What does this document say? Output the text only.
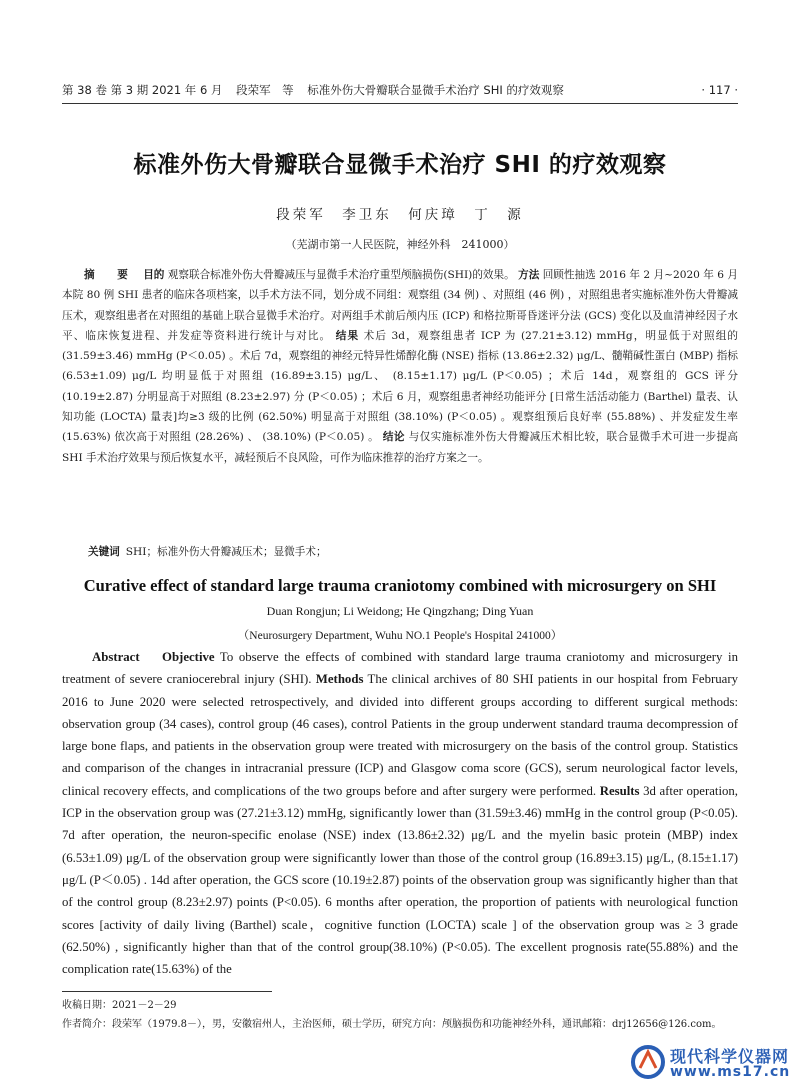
第 38 卷 第 3 期 2021 年 6 月 段荣军　等 标准外伤大骨瓣联合显微手术治疗 SHI 的疗效观察	· 117 ·
标准外伤大骨瓣联合显微手术治疗 SHI 的疗效观察
段荣军　李卫东　何庆璋　丁　源
（芜湖市第一人民医院，神经外科　241000）
摘　要 目的 观察联合标准外伤大骨瓣减压与显微手术治疗重型颅脑损伤(SHI)的效果。 方法 回顾性抽选 2016 年 2 月~2020 年 6 月本院 80 例 SHI 患者的临床各项档案，以手术方法不同，划分成不同组：观察组 (34 例) 、对照组 (46 例) ，对照组患者实施标准外伤大骨瓣减压术，观察组患者在对照组的基础上联合显微手术治疗。对两组手术前后颅内压 (ICP) 和格拉斯哥昏迷评分法 (GCS) 变化以及血清神经因子水平、临床恢复进程、并发症等资料进行统计与对比。 结果 术后 3d，观察组患者 ICP 为 (27.21±3.12) mmHg，明显低于对照组的 (31.59±3.46) mmHg (P＜0.05) 。术后 7d，观察组的神经元特异性烯醇化酶 (NSE) 指标 (13.86±2.32) μg/L、髓鞘碱性蛋白 (MBP) 指标 (6.53±1.09) μg/L 均明显低于对照组 (16.89±3.15) μg/L、 (8.15±1.17) μg/L (P＜0.05) ；术后 14d，观察组的 GCS 评分 (10.19±2.87) 分明显高于对照组 (8.23±2.97) 分 (P＜0.05) ；术后 6 月，观察组患者神经功能评分 [日常生活活动能力 (Barthel) 量表、认知功能 (LOCTA) 量表]均≥3 级的比例 (62.50%) 明显高于对照组 (38.10%) (P＜0.05) 。观察组预后良好率 (55.88%) 、并发症发生率 (15.63%) 依次高于对照组 (28.26%) 、 (38.10%) (P＜0.05) 。 结论 与仅实施标准外伤大骨瓣减压术相比较，联合显微手术可进一步提高 SHI 手术治疗效果与预后恢复水平，减轻预后不良风险，可作为临床推荐的治疗方案之一。
关键词 SHI；标准外伤大骨瓣减压术；显微手术；
Curative effect of standard large trauma craniotomy combined with microsurgery on SHI
Duan Rongjun; Li Weidong; He Qingzhang; Ding Yuan
（Neurosurgery Department, Wuhu NO.1 People's Hospital 241000）
Abstract Objective To observe the effects of combined with standard large trauma craniotomy and microsurgery in treatment of severe craniocerebral injury (SHI). Methods The clinical archives of 80 SHI patients in our hospital from February 2016 to June 2020 were selected retrospectively, and divided into different groups according to different surgical methods: observation group (34 cases), control group (46 cases), control Patients in the group underwent standard trauma decompression of large bone flaps, and patients in the observation group were treated with microsurgery on the basis of the control group. Statistics and comparison of the changes in intracranial pressure (ICP) and Glasgow coma score (GCS), serum neurological factor levels, clinical recovery effects, and complications of the two groups before and after surgery were performed. Results 3d after operation, ICP in the observation group was (27.21±3.12) mmHg, significantly lower than (31.59±3.46) mmHg in the control group (P<0.05). 7d after operation, the neuron-specific enolase (NSE) index (13.86±2.32) μg/L and the myelin basic protein (MBP) index (6.53±1.09) μg/L of the observation group were significantly lower than those of the control group (16.89±3.15) μg/L, (8.15±1.17) μg/L (P＜0.05) . 14d after operation, the GCS score (10.19±2.87) points of the observation group was significantly higher than that of the control group (8.23±2.97) points (P<0.05). 6 months after operation, the proportion of patients with neurological function scores [activity of daily living (Barthel) scale，cognitive function (LOCTA) scale ] of the observation group was ≥ 3 grade (62.50%) , significantly higher than that of the control group(38.10%) (P<0.05). The excellent prognosis rate(55.88%) and the complication rate(15.63%) of the
收稿日期：2021－2－29
作者简介：段荣军（1979.8－），男，安徽宿州人，主治医师，硕士学历，研究方向：颅脑损伤和功能神经外科，通讯邮箱：drj12656@126.com。
现代科学仪器网
www.ms17.cn
